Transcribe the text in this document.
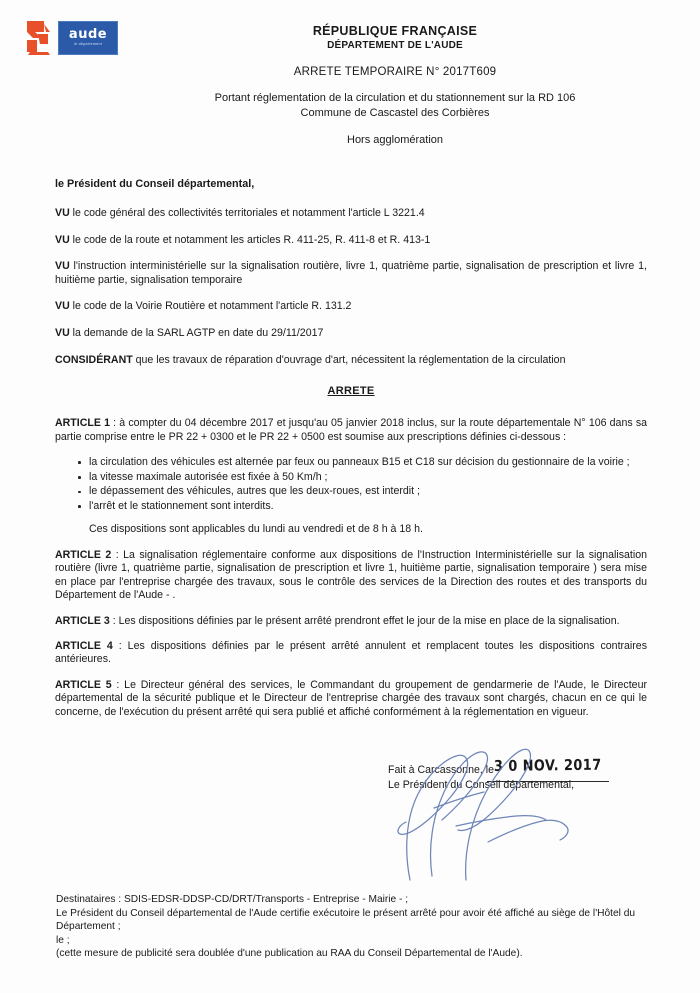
aude
le département
RÉPUBLIQUE FRANÇAISE
DÉPARTEMENT DE L'AUDE
ARRETE TEMPORAIRE N° 2017T609
Portant réglementation de la circulation et du stationnement sur la RD 106
Commune de Cascastel des Corbières
Hors agglomération
le Président du Conseil départemental,

VU le code général des collectivités territoriales et notamment l'article L 3221.4

VU le code de la route et notamment les articles R. 411-25, R. 411-8 et R. 413-1

VU l'instruction interministérielle sur la signalisation routière, livre 1, quatrième partie, signalisation de prescription et livre 1, huitième partie, signalisation temporaire

VU le code de la Voirie Routière et notamment l'article R. 131.2

VU la demande de la SARL AGTP en date du 29/11/2017

CONSIDÉRANT que les travaux de réparation d'ouvrage d'art, nécessitent la réglementation de la circulation

ARRETE

ARTICLE 1 : à compter du 04 décembre 2017 et jusqu'au 05 janvier 2018 inclus, sur la route départementale N° 106 dans sa partie comprise entre le PR 22 + 0300 et le PR 22 + 0500 est soumise aux prescriptions définies ci-dessous :

la circulation des véhicules est alternée par feux ou panneaux B15 et C18 sur décision du gestionnaire de la voirie ;
la vitesse maximale autorisée est fixée à 50 Km/h ;
le dépassement des véhicules, autres que les deux-roues, est interdit ;
l'arrêt et le stationnement sont interdits.
Ces dispositions sont applicables du lundi au vendredi et de 8 h à 18 h.

ARTICLE 2 : La signalisation réglementaire conforme aux dispositions de l'Instruction Interministérielle sur la signalisation routière (livre 1, quatrième partie, signalisation de prescription et livre 1, huitième partie, signalisation temporaire ) sera mise en place par l'entreprise chargée des travaux, sous le contrôle des services de la Direction des routes et des transports du Département de l'Aude - .

ARTICLE 3 : Les dispositions définies par le présent arrêté prendront effet le jour de la mise en place de la signalisation.

ARTICLE 4 : Les dispositions définies par le présent arrêté annulent et remplacent toutes les dispositions contraires antérieures.

ARTICLE 5 : Le Directeur général des services, le Commandant du groupement de gendarmerie de l'Aude, le Directeur départemental de la sécurité publique et le Directeur de l'entreprise chargée des travaux sont chargés, chacun en ce qui le concerne, de l'exécution du présent arrêté qui sera publié et affiché conformément à la réglementation en vigueur.

Fait à Carcassonne, le 3 0 NOV. 2017
Le Président du Conseil départemental,
Destinataires : SDIS-EDSR-DDSP-CD/DRT/Transports - Entreprise - Mairie - ;
Le Président du Conseil départemental de l'Aude certifie exécutoire le présent arrêté pour avoir été affiché au siège de l'Hôtel du Département ;
le ;
(cette mesure de publicité sera doublée d'une publication au RAA du Conseil Départemental de l'Aude).
